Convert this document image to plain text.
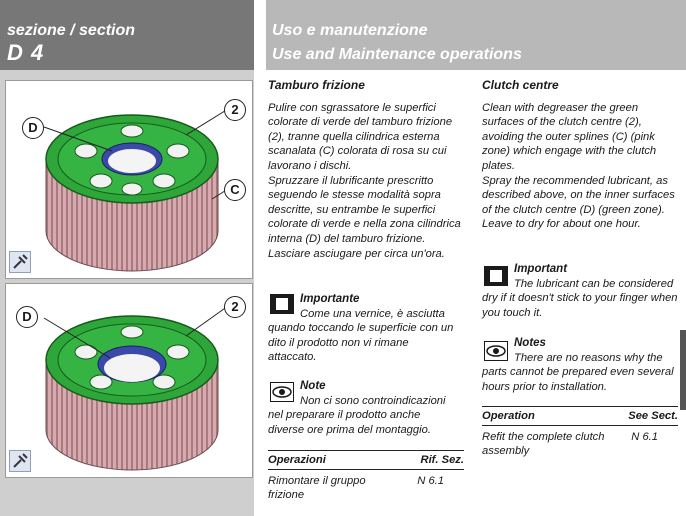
sezione / section
D 4
Uso e manutenzione
Use and Maintenance operations
D
2
C
D
2
Tamburo frizione
Pulire con sgrassatore le superfici colorate di verde del tamburo frizione (2), tranne quella cilindrica esterna scanalata (C) colorata di rosa su cui lavorano i dischi.
Spruzzare il lubrificante prescritto seguendo le stesse modalità sopra descritte, su entrambe le superfici colorate di verde e nella zona cilindrica interna (D) del tamburo frizione.
Lasciare asciugare per circa un'ora.
Importante
Come una vernice, è asciutta quando toccando le superficie con un dito il prodotto non vi rimane attaccato.
Note
Non ci sono controindicazioni nel preparare il prodotto anche diverse ore prima del montaggio.
Operazioni	Rif. Sez.
Rimontare il gruppo frizione
N 6.1
Clutch centre
Clean with degreaser the green surfaces of the clutch centre (2), avoiding the outer splines (C) (pink zone) which engage with the clutch plates.
Spray the recommended lubricant, as described above, on the inner surfaces of the clutch centre (D) (green zone).
Leave to dry for about one hour.
Important
The lubricant can be considered dry if it doesn't stick to your finger when you touch it.
Notes
There are no reasons why the parts cannot be prepared even several hours prior to installation.
Operation	See Sect.
Refit the complete clutch assembly
N 6.1
